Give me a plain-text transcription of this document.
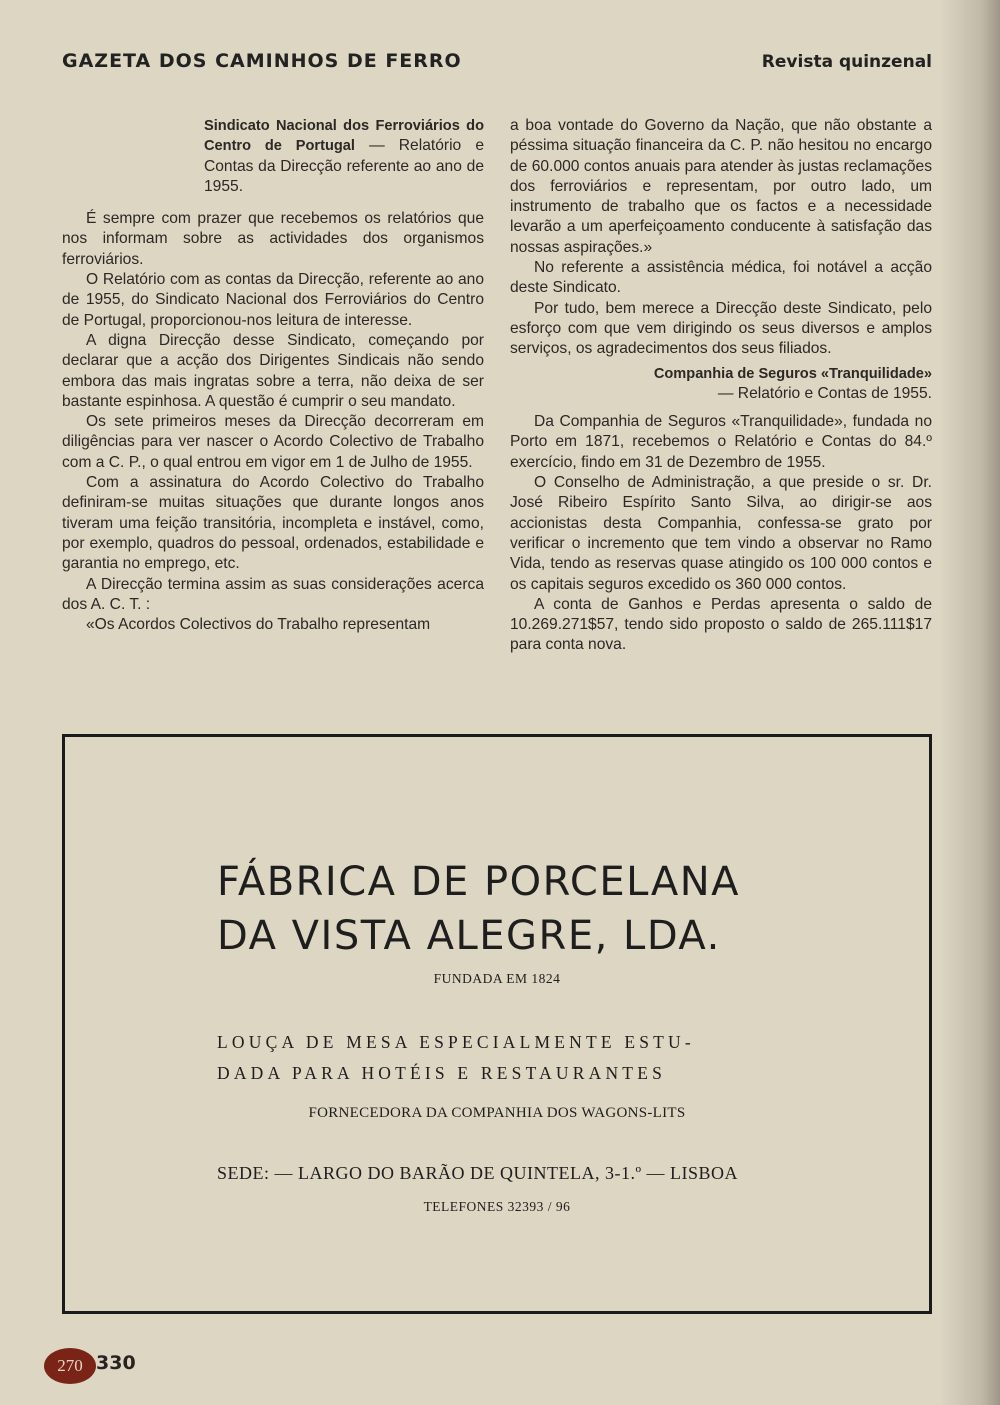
GAZETA DOS CAMINHOS DE FERRO	Revista quinzenal

Sindicato Nacional dos Ferroviários do Centro de Portugal — Relatório e Contas da Direcção referente ao ano de 1955.

É sempre com prazer que recebemos os relatórios que nos informam sobre as actividades dos organismos ferroviários.

O Relatório com as contas da Direcção, referente ao ano de 1955, do Sindicato Nacional dos Ferroviários do Centro de Portugal, proporcionou-nos leitura de interesse.

A digna Direcção desse Sindicato, começando por declarar que a acção dos Dirigentes Sindicais não sendo embora das mais ingratas sobre a terra, não deixa de ser bastante espinhosa. A questão é cumprir o seu mandato.

Os sete primeiros meses da Direcção decorreram em diligências para ver nascer o Acordo Colectivo de Trabalho com a C. P., o qual entrou em vigor em 1 de Julho de 1955.

Com a assinatura do Acordo Colectivo do Trabalho definiram-se muitas situações que durante longos anos tiveram uma feição transitória, incompleta e instável, como, por exemplo, quadros do pessoal, ordenados, estabilidade e garantia no emprego, etc.

A Direcção termina assim as suas considerações acerca dos A. C. T. :

«Os Acordos Colectivos do Trabalho representam

a boa vontade do Governo da Nação, que não obstante a péssima situação financeira da C. P. não hesitou no encargo de 60.000 contos anuais para atender às justas reclamações dos ferroviários e representam, por outro lado, um instrumento de trabalho que os factos e a necessidade levarão a um aperfeiçoamento conducente à satisfação das nossas aspirações.»

No referente a assistência médica, foi notável a acção deste Sindicato.

Por tudo, bem merece a Direcção deste Sindicato, pelo esforço com que vem dirigindo os seus diversos e amplos serviços, os agradecimentos dos seus filiados.

Companhia de Seguros «Tranquilidade»
— Relatório e Contas de 1955.

Da Companhia de Seguros «Tranquilidade», fundada no Porto em 1871, recebemos o Relatório e Contas do 84.º exercício, findo em 31 de Dezembro de 1955.

O Conselho de Administração, a que preside o sr. Dr. José Ribeiro Espírito Santo Silva, ao dirigir-se aos accionistas desta Companhia, confessa-se grato por verificar o incremento que tem vindo a observar no Ramo Vida, tendo as reservas quase atingido os 100 000 contos e os capitais seguros excedido os 360 000 contos.

A conta de Ganhos e Perdas apresenta o saldo de 10.269.271$57, tendo sido proposto o saldo de 265.111$17 para conta nova.

FÁBRICA DE PORCELANA
DA VISTA ALEGRE, LDA.
FUNDADA EM 1824
LOUÇA DE MESA ESPECIALMENTE ESTU-
DADA PARA HOTÉIS E RESTAURANTES
FORNECEDORA DA COMPANHIA DOS WAGONS-LITS
SEDE: — LARGO DO BARÃO DE QUINTELA, 3-1.º — LISBOA
TELEFONES 32393 / 96
270 330
